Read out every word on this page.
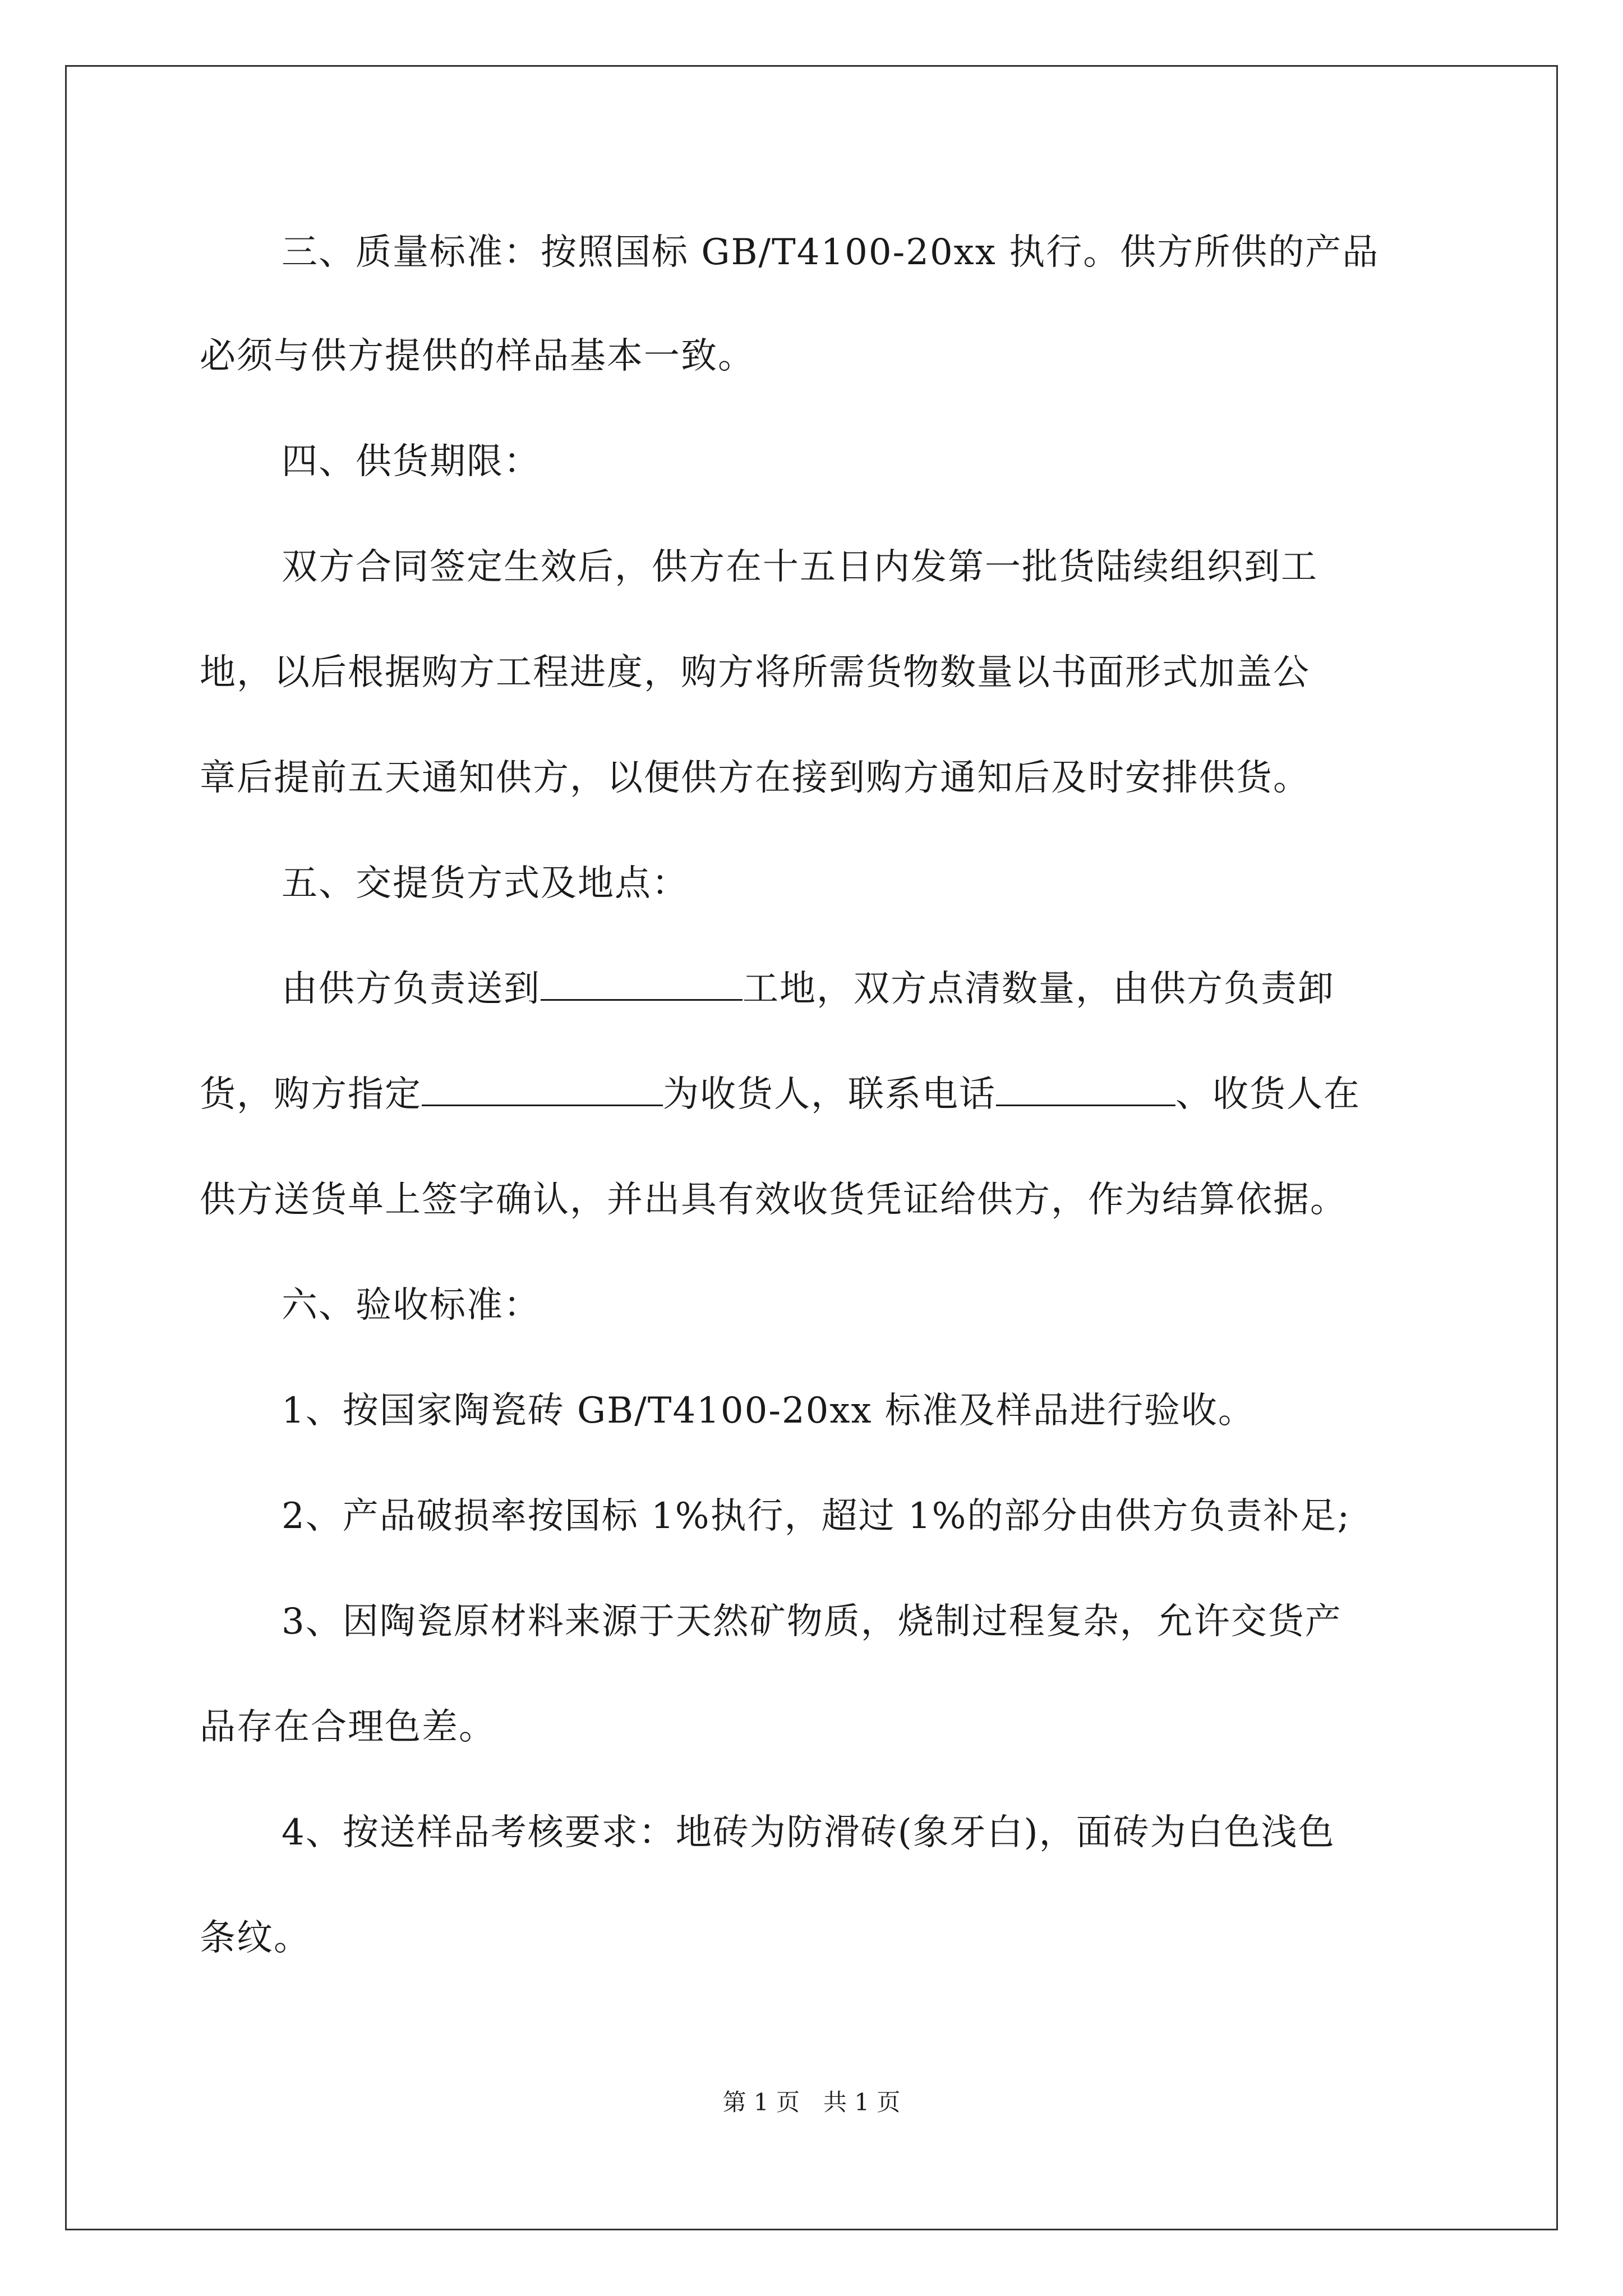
三、质量标准：按照国标 GB/T4100-20xx 执行。供方所供的产品
必须与供方提供的样品基本一致。
四、供货期限：
双方合同签定生效后，供方在十五日内发第一批货陆续组织到工
地，以后根据购方工程进度，购方将所需货物数量以书面形式加盖公
章后提前五天通知供方，以便供方在接到购方通知后及时安排供货。
五、交提货方式及地点：
由供方负责送到	工地，双方点清数量，由供方负责卸
货，购方指定	为收货人，联系电话	、收货人在
供方送货单上签字确认，并出具有效收货凭证给供方，作为结算依据。
六、验收标准：
1、按国家陶瓷砖 GB/T4100-20xx 标准及样品进行验收。
2、产品破损率按国标 1%执行，超过 1%的部分由供方负责补足;
3、因陶瓷原材料来源于天然矿物质，烧制过程复杂，允许交货产
品存在合理色差。
4、按送样品考核要求：地砖为防滑砖(象牙白)，面砖为白色浅色
条纹。
第 1 页　共 1 页
